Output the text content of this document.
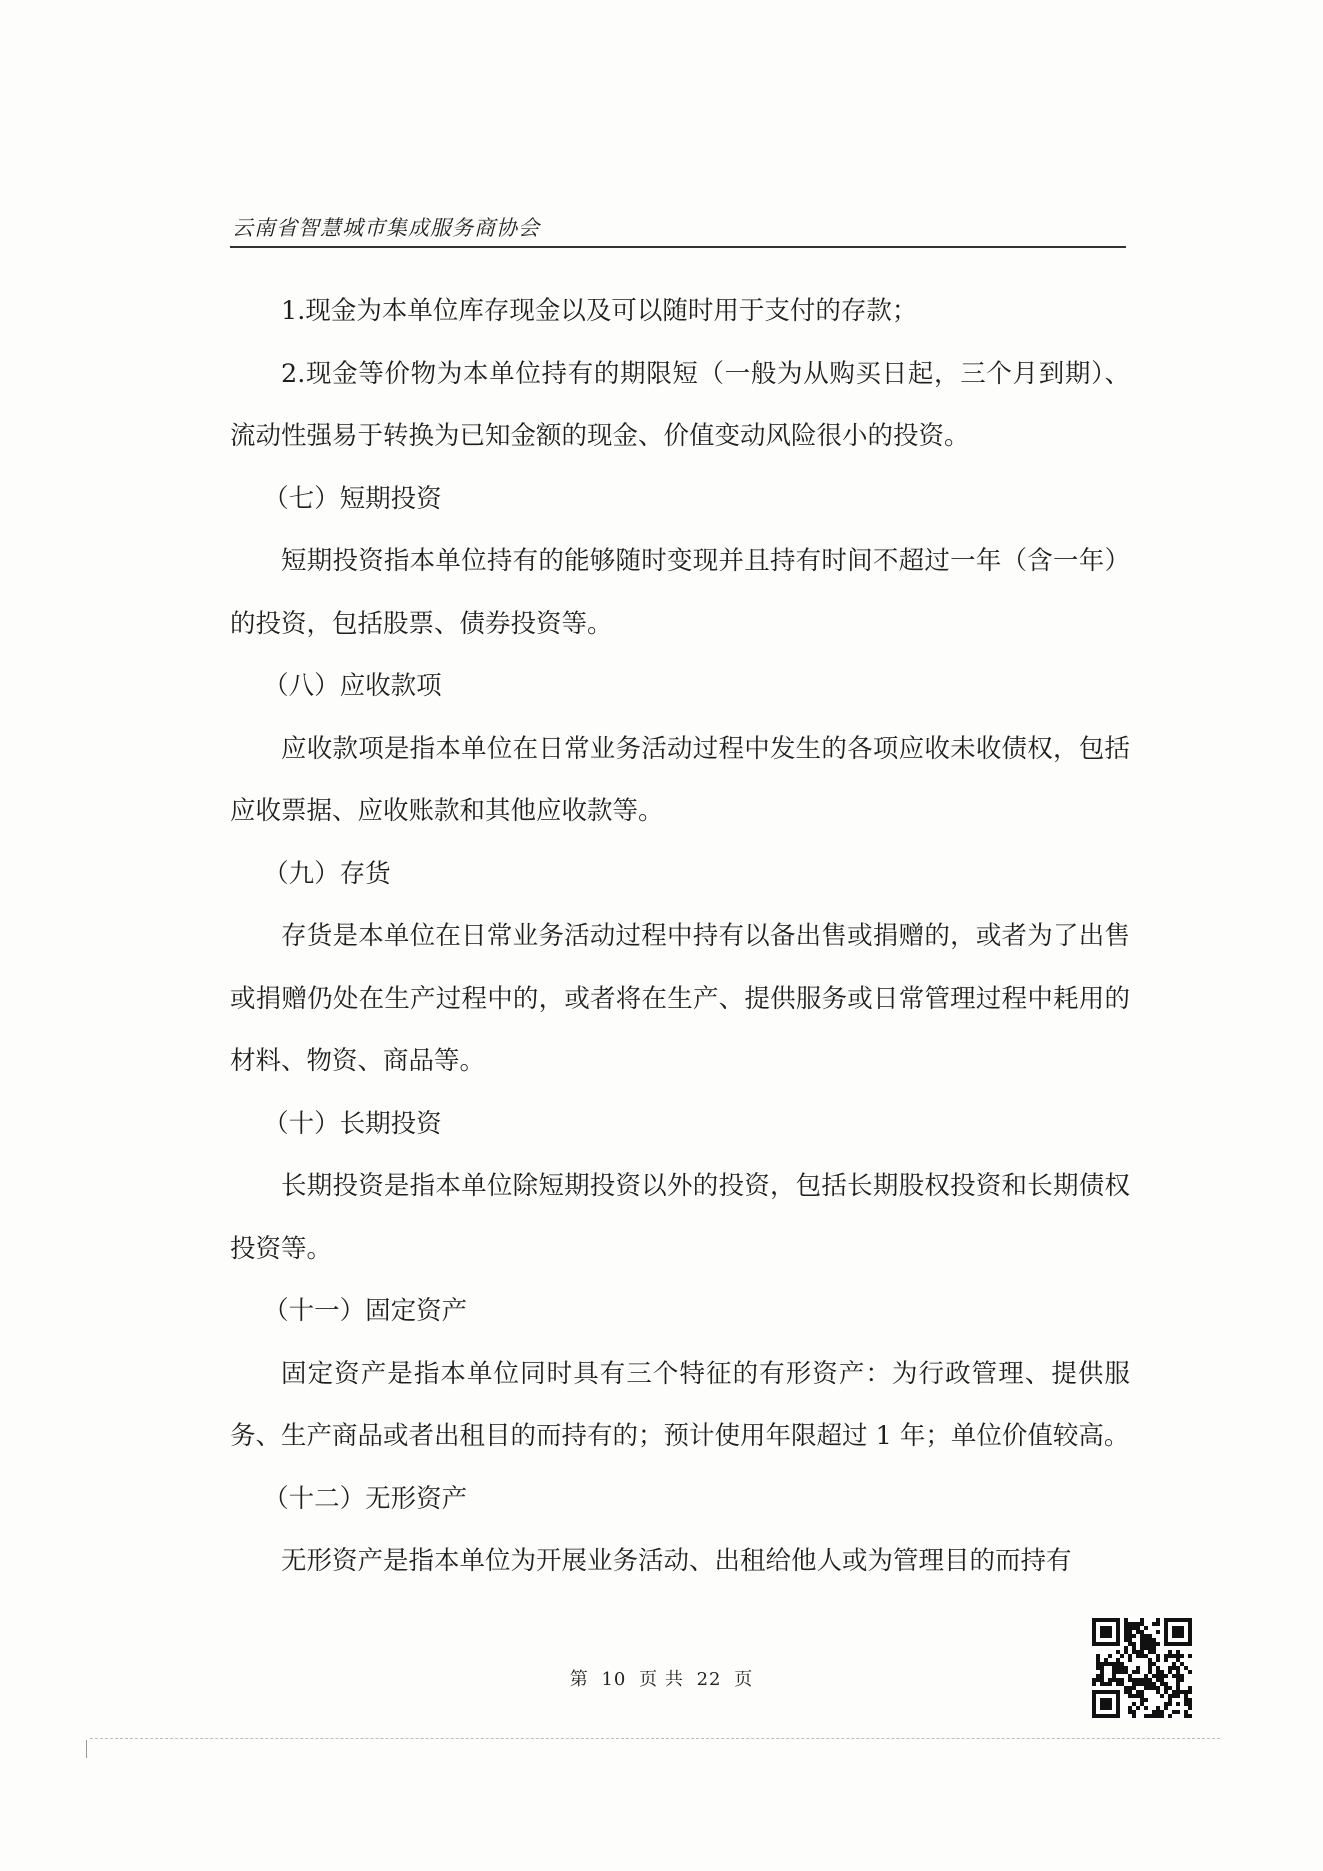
云南省智慧城市集成服务商协会

1.现金为本单位库存现金以及可以随时用于支付的存款；

2.现金等价物为本单位持有的期限短（一般为从购买日起，三个月到期）、流动性强易于转换为已知金额的现金、价值变动风险很小的投资。

（七）短期投资

短期投资指本单位持有的能够随时变现并且持有时间不超过一年（含一年）的投资，包括股票、债券投资等。

（八）应收款项

应收款项是指本单位在日常业务活动过程中发生的各项应收未收债权，包括应收票据、应收账款和其他应收款等。

（九）存货

存货是本单位在日常业务活动过程中持有以备出售或捐赠的，或者为了出售或捐赠仍处在生产过程中的，或者将在生产、提供服务或日常管理过程中耗用的材料、物资、商品等。

（十）长期投资

长期投资是指本单位除短期投资以外的投资，包括长期股权投资和长期债权投资等。

（十一）固定资产

固定资产是指本单位同时具有三个特征的有形资产：为行政管理、提供服务、生产商品或者出租目的而持有的；预计使用年限超过 1 年；单位价值较高。

（十二）无形资产

无形资产是指本单位为开展业务活动、出租给他人或为管理目的而持有

第 10 页 共 22 页
